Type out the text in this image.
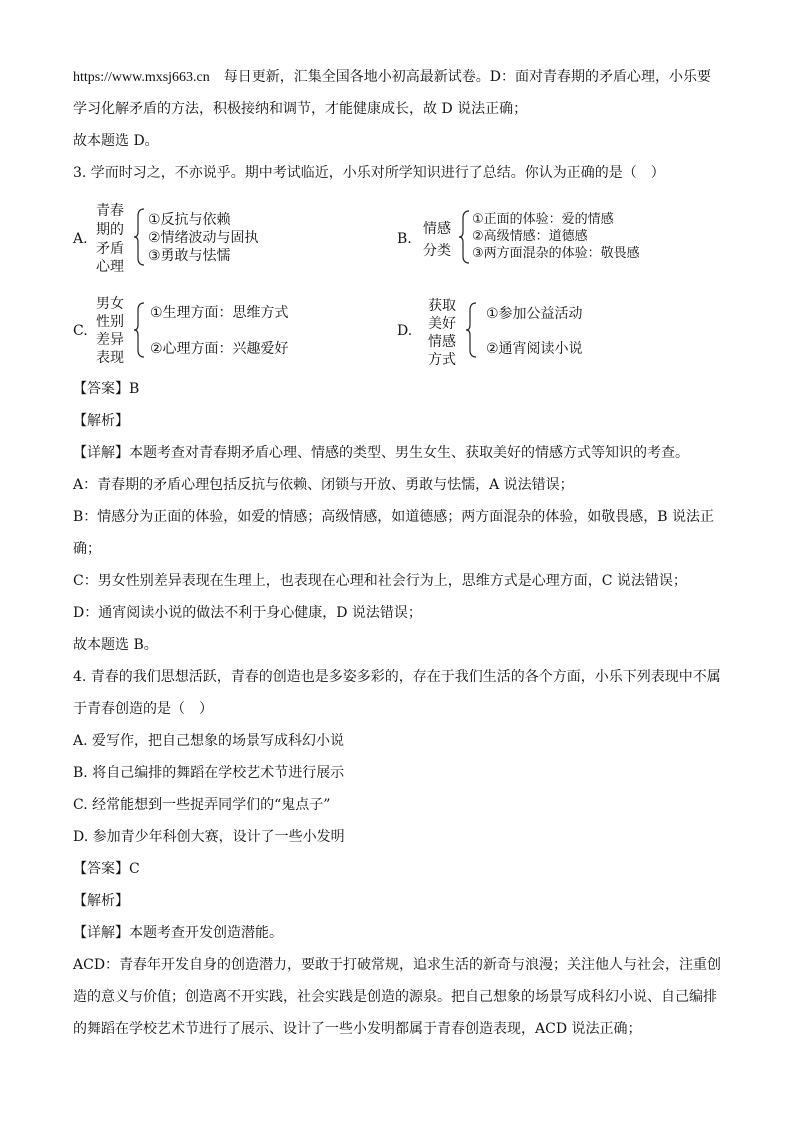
https://www.mxsj663.cn　 每日更新，汇集全国各地小初高最新试卷。D：面对青春期的矛盾心理，小乐要
学习化解矛盾的方法，积极接纳和调节，才能健康成长，故 D 说法正确；
故本题选 D。
3. 学而时习之，不亦说乎。期中考试临近，小乐对所学知识进行了总结。你认为正确的是（　）
A.
青春
期的
矛盾
心理
①反抗与依赖
②情绪波动与固执
③勇敢与怯懦
B.
情感
分类
①正面的体验：爱的情感
②高级情感：道德感
③两方面混杂的体验：敬畏感
C.
男女
性别
差异
表现
①生理方面：思维方式
②心理方面：兴趣爱好
D.
获取
美好
情感
方式
①参加公益活动
②通宵阅读小说
【答案】B
【解析】
【详解】本题考查对青春期矛盾心理、情感的类型、男生女生、获取美好的情感方式等知识的考查。
A：青春期的矛盾心理包括反抗与依赖、闭锁与开放、勇敢与怯懦，A 说法错误；
B：情感分为正面的体验，如爱的情感；高级情感，如道德感；两方面混杂的体验，如敬畏感，B 说法正
确；
C：男女性别差异表现在生理上，也表现在心理和社会行为上，思维方式是心理方面，C 说法错误；
D：通宵阅读小说的做法不利于身心健康，D 说法错误；
故本题选 B。
4. 青春的我们思想活跃，青春的创造也是多姿多彩的，存在于我们生活的各个方面，小乐下列表现中不属
于青春创造的是（　）
A. 爱写作，把自己想象的场景写成科幻小说
B. 将自己编排的舞蹈在学校艺术节进行展示
C. 经常能想到一些捉弄同学们的“鬼点子”
D. 参加青少年科创大赛，设计了一些小发明
【答案】C
【解析】
【详解】本题考查开发创造潜能。
ACD：青春年开发自身的创造潜力，要敢于打破常规，追求生活的新奇与浪漫；关注他人与社会，注重创
造的意义与价值；创造离不开实践，社会实践是创造的源泉。把自己想象的场景写成科幻小说、自己编排
的舞蹈在学校艺术节进行了展示、设计了一些小发明都属于青春创造表现，ACD 说法正确；
